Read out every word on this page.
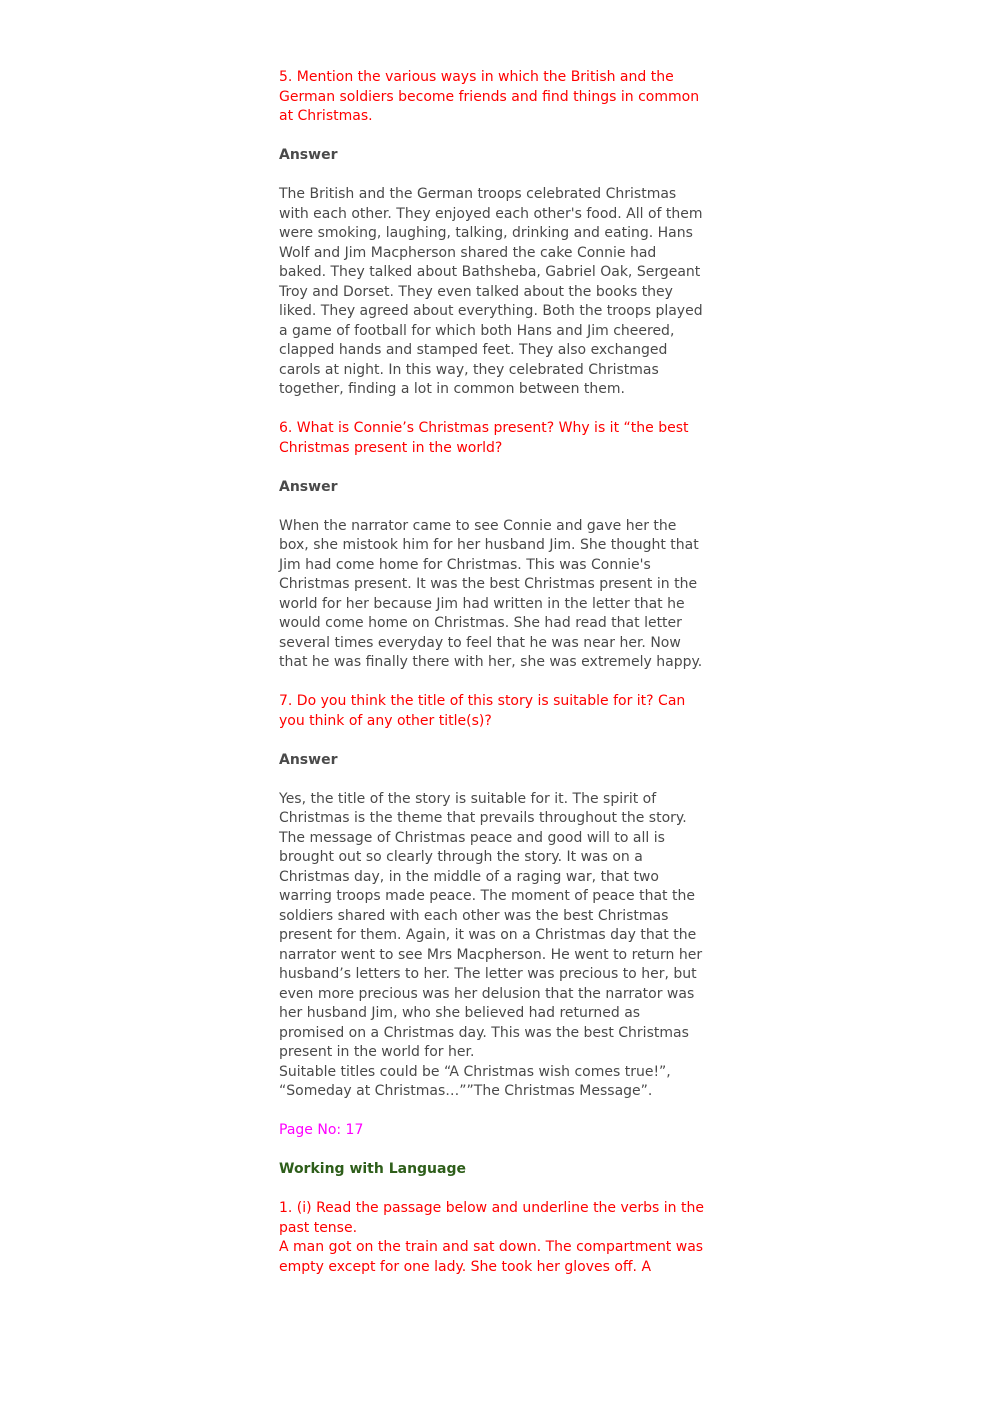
5. Mention the various ways in which the British and the German soldiers become friends and find things in common at Christmas.

Answer

The British and the German troops celebrated Christmas with each other. They enjoyed each other's food. All of them were smoking, laughing, talking, drinking and eating. Hans Wolf and Jim Macpherson shared the cake Connie had baked. They talked about Bathsheba, Gabriel Oak, Sergeant Troy and Dorset. They even talked about the books they liked. They agreed about everything. Both the troops played a game of football for which both Hans and Jim cheered, clapped hands and stamped feet. They also exchanged carols at night. In this way, they celebrated Christmas together, finding a lot in common between them.

6. What is Connie’s Christmas present? Why is it “the best Christmas present in the world?

Answer

When the narrator came to see Connie and gave her the box, she mistook him for her husband Jim. She thought that Jim had come home for Christmas. This was Connie's Christmas present. It was the best Christmas present in the world for her because Jim had written in the letter that he would come home on Christmas. She had read that letter several times everyday to feel that he was near her. Now that he was finally there with her, she was extremely happy.

7. Do you think the title of this story is suitable for it? Can you think of any other title(s)?

Answer

Yes, the title of the story is suitable for it. The spirit of Christmas is the theme that prevails throughout the story. The message of Christmas peace and good will to all is brought out so clearly through the story. It was on a Christmas day, in the middle of a raging war, that two warring troops made peace. The moment of peace that the soldiers shared with each other was the best Christmas present for them. Again, it was on a Christmas day that the narrator went to see Mrs Macpherson. He went to return her husband’s letters to her. The letter was precious to her, but even more precious was her delusion that the narrator was her husband Jim, who she believed had returned as promised on a Christmas day. This was the best Christmas present in the world for her.
Suitable titles could be “A Christmas wish comes true!”, “Someday at Christmas…””The Christmas Message”.

Page No: 17

Working with Language

1. (i) Read the passage below and underline the verbs in the past tense.
A man got on the train and sat down. The compartment was empty except for one lady. She took her gloves off. A
